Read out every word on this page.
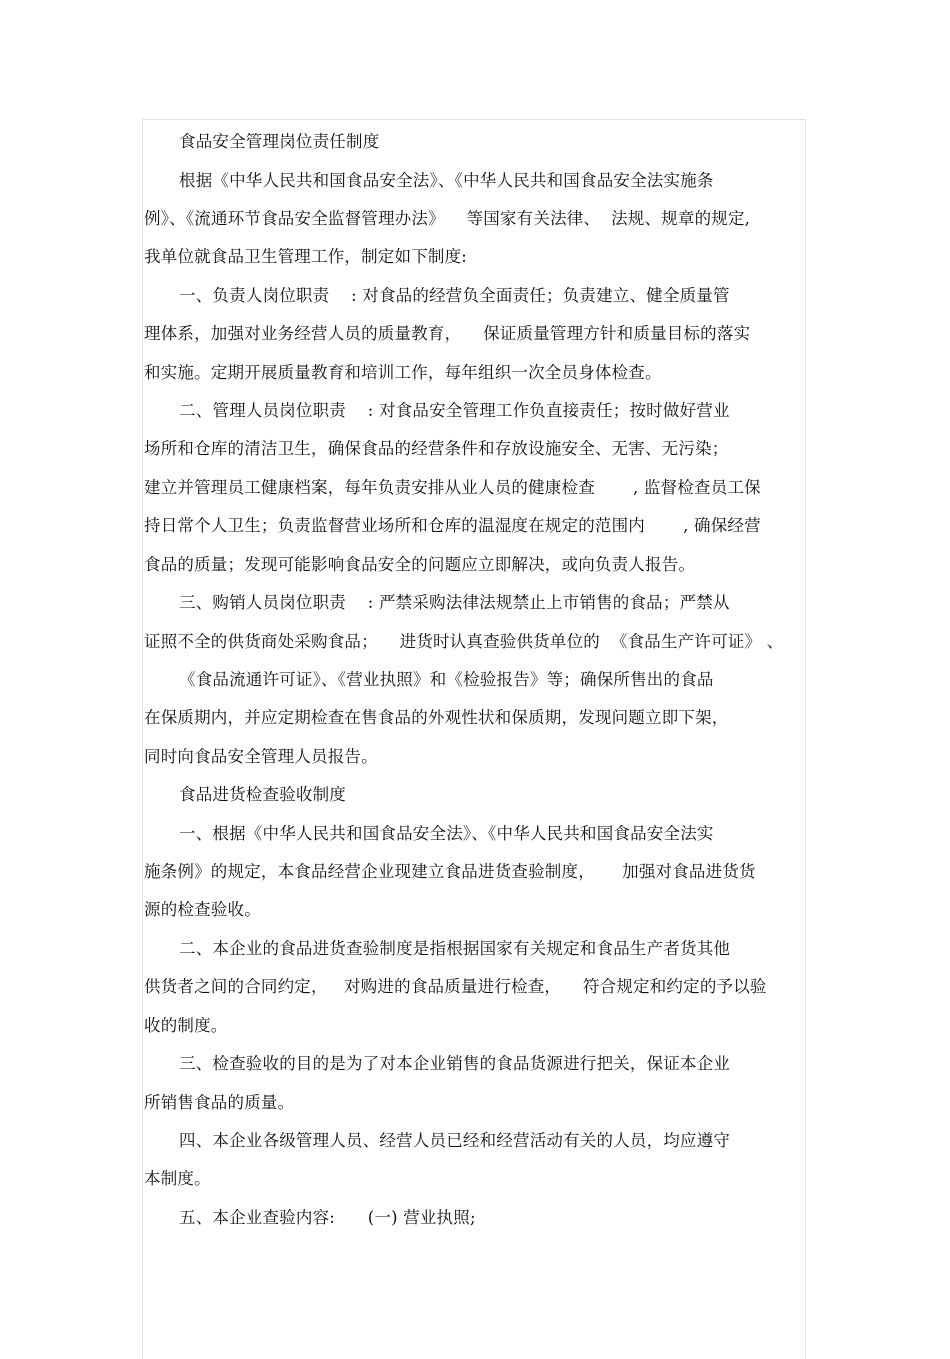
食品安全管理岗位责任制度

根据《中华人民共和国食品安全法》、《中华人民共和国食品安全法实施条

例》、《流通环节食品安全监督管理办法》    等国家有关法律、  法规、规章的规定,

我单位就食品卫生管理工作，制定如下制度:

一、负责人岗位职责    : 对食品的经营负全面责任；负责建立、健全质量管

理体系，加强对业务经营人员的质量教育，    保证质量管理方针和质量目标的落实

和实施。定期开展质量教育和培训工作，每年组织一次全员身体检查。

二、管理人员岗位职责    : 对食品安全管理工作负直接责任；按时做好营业

场所和仓库的清洁卫生，确保食品的经营条件和存放设施安全、无害、无污染；

建立并管理员工健康档案，每年负责安排从业人员的健康检查       , 监督检查员工保

持日常个人卫生；负责监督营业场所和仓库的温湿度在规定的范围内       , 确保经营

食品的质量；发现可能影响食品安全的问题应立即解决，或向负责人报告。

三、购销人员岗位职责    : 严禁采购法律法规禁止上市销售的食品；严禁从

证照不全的供货商处采购食品；    进货时认真查验供货单位的  《食品生产许可证》 、

《食品流通许可证》、《营业执照》和《检验报告》等；确保所售出的食品

在保质期内，并应定期检查在售食品的外观性状和保质期，发现问题立即下架，

同时向食品安全管理人员报告。

食品进货检查验收制度

一、根据《中华人民共和国食品安全法》、《中华人民共和国食品安全法实

施条例》的规定，本食品经营企业现建立食品进货查验制度，     加强对食品进货货

源的检查验收。

二、本企业的食品进货查验制度是指根据国家有关规定和食品生产者货其他

供货者之间的合同约定，   对购进的食品质量进行检查，    符合规定和约定的予以验

收的制度。

三、检查验收的目的是为了对本企业销售的食品货源进行把关，保证本企业

所销售食品的质量。

四、本企业各级管理人员、经营人员已经和经营活动有关的人员，均应遵守

本制度。

五、本企业查验内容:      (一) 营业执照;
